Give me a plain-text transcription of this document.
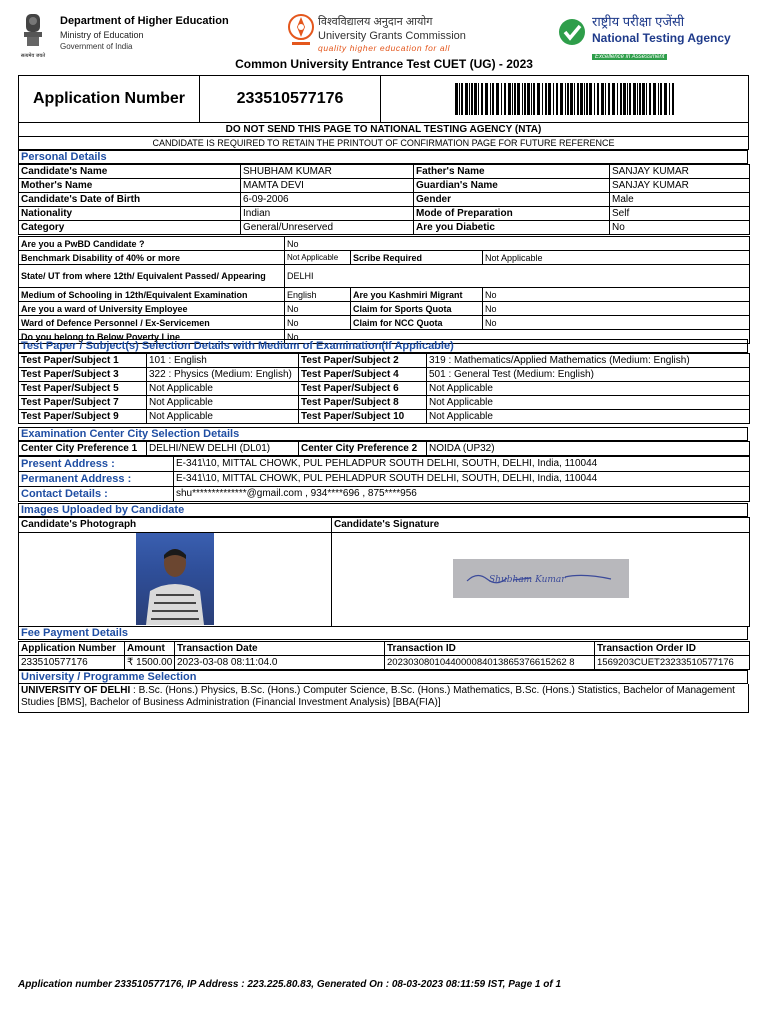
सत्यमेव जयते
Department of Higher Education
Ministry of Education
Government of India
विश्वविद्यालय अनुदान आयोग
University Grants Commission
quality higher education for all
राष्ट्रीय परीक्षा एजेंसी
National Testing Agency
Excellence in Assessment
Common University Entrance Test CUET (UG) - 2023
Application Number	233510577176	
DO NOT SEND THIS PAGE TO NATIONAL TESTING AGENCY (NTA)
CANDIDATE IS REQUIRED TO RETAIN THE PRINTOUT OF CONFIRMATION PAGE FOR FUTURE REFERENCE
Personal Details
Candidate's Name	SHUBHAM KUMAR	Father's Name	SANJAY KUMAR
Mother's Name	MAMTA DEVI	Guardian's Name	SANJAY KUMAR
Candidate's Date of Birth	6-09-2006	Gender	Male
Nationality	Indian	Mode of Preparation	Self
Category	General/Unreserved	Are you Diabetic	No
Are you a PwBD Candidate ?	No		
Benchmark Disability of 40% or more	Not Applicable	Scribe Required	Not Applicable
State/ UT from where 12th/ Equivalent Passed/ Appearing	DELHI		
Medium of Schooling in 12th/Equivalent Examination	English	Are you Kashmiri Migrant	No
Are you a ward of University Employee	No	Claim for Sports Quota	No
Ward of Defence Personnel / Ex-Servicemen	No	Claim for NCC Quota	No
Do you belong to Below Poverty Line	No		
Test Paper / Subject(s) Selection Details with Medium of Examination(If Applicable)
Test Paper/Subject 1	101 : English	Test Paper/Subject 2	319 : Mathematics/Applied Mathematics (Medium: English)
Test Paper/Subject 3	322 : Physics (Medium: English)	Test Paper/Subject 4	501 : General Test (Medium: English)
Test Paper/Subject 5	Not Applicable	Test Paper/Subject 6	Not Applicable
Test Paper/Subject 7	Not Applicable	Test Paper/Subject 8	Not Applicable
Test Paper/Subject 9	Not Applicable	Test Paper/Subject 10	Not Applicable
Examination Center City Selection Details
Center City Preference 1	DELHI/NEW DELHI (DL01)	Center City Preference 2	NOIDA (UP32)
Present Address :	E-341\10, MITTAL CHOWK, PUL PEHLADPUR SOUTH DELHI, SOUTH, DELHI, India, 110044
Permanent Address :	E-341\10, MITTAL CHOWK, PUL PEHLADPUR SOUTH DELHI, SOUTH, DELHI, India, 110044
Contact Details :	shu**************@gmail.com , 934****696 , 875****956
Images Uploaded by Candidate
Candidate's Photograph	Candidate's Signature

Shubham Kumar
Fee Payment Details
Application Number	Amount	Transaction Date	Transaction ID	Transaction Order ID
233510577176	₹ 1500.00	2023-03-08 08:11:04.0	2023030801044000084013865376615262 8	1569203CUET23233510577176
University / Programme Selection
UNIVERSITY OF DELHI : B.Sc. (Hons.) Physics, B.Sc. (Hons.) Computer Science, B.Sc. (Hons.) Mathematics, B.Sc. (Hons.) Statistics, Bachelor of Management Studies [BMS], Bachelor of Business Administration (Financial Investment Analysis) [BBA(FIA)]
Application number 233510577176, IP Address : 223.225.80.83, Generated On : 08-03-2023 08:11:59 IST, Page 1 of 1
